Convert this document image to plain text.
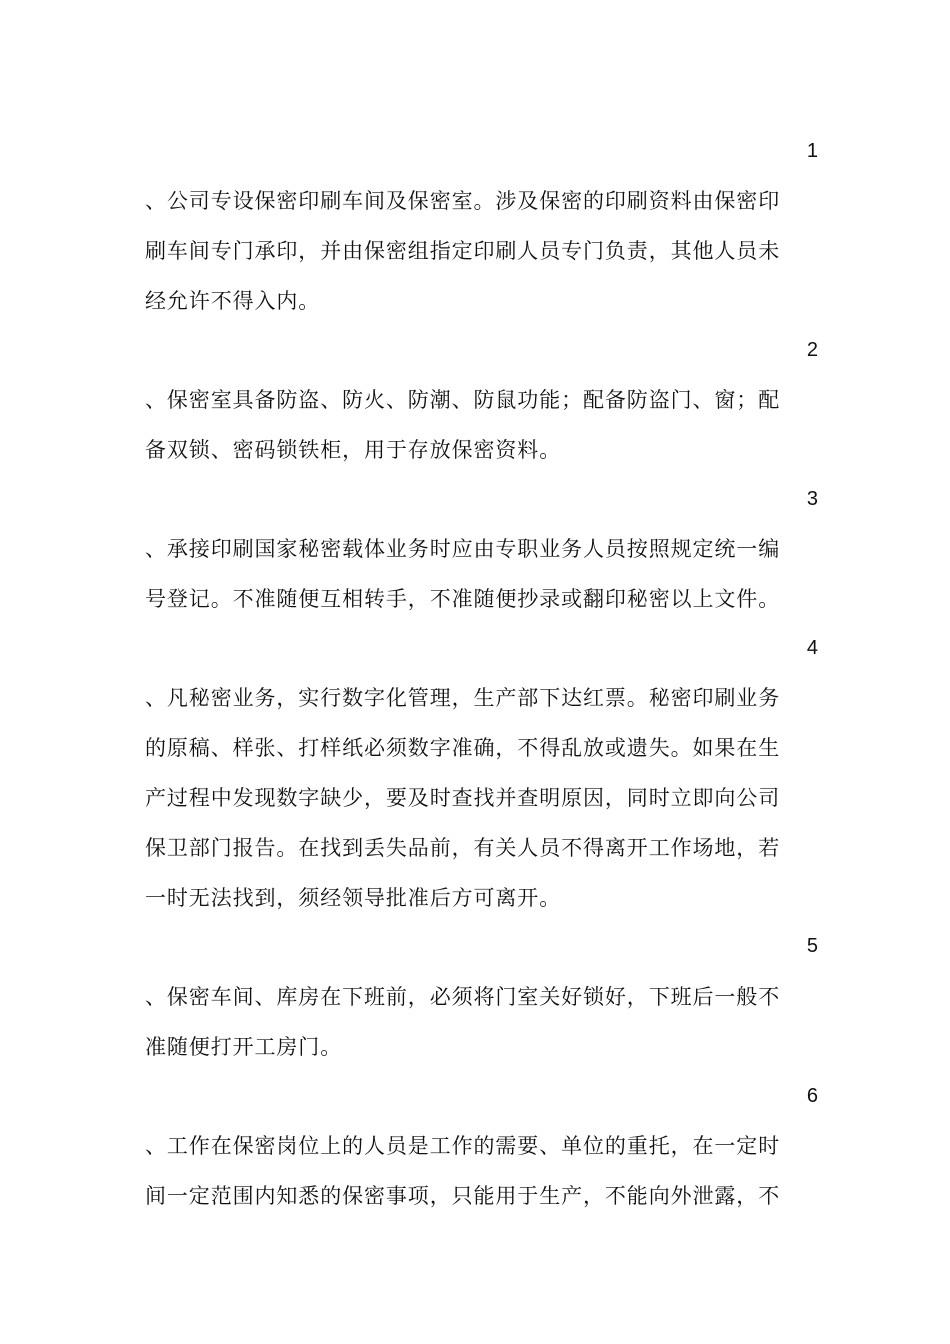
1
、公司专设保密印刷车间及保密室。涉及保密的印刷资料由保密印
刷车间专门承印，并由保密组指定印刷人员专门负责，其他人员未
经允许不得入内。
2
、保密室具备防盗、防火、防潮、防鼠功能；配备防盗门、窗；配
备双锁、密码锁铁柜，用于存放保密资料。
3
、承接印刷国家秘密载体业务时应由专职业务人员按照规定统一编
号登记。不准随便互相转手，不准随便抄录或翻印秘密以上文件。
4
、凡秘密业务，实行数字化管理，生产部下达红票。秘密印刷业务
的原稿、样张、打样纸必须数字准确，不得乱放或遗失。如果在生
产过程中发现数字缺少，要及时查找并查明原因，同时立即向公司
保卫部门报告。在找到丢失品前，有关人员不得离开工作场地，若
一时无法找到，须经领导批准后方可离开。
5
、保密车间、库房在下班前，必须将门室关好锁好，下班后一般不
准随便打开工房门。
6
、工作在保密岗位上的人员是工作的需要、单位的重托，在一定时
间一定范围内知悉的保密事项，只能用于生产，不能向外泄露，不
